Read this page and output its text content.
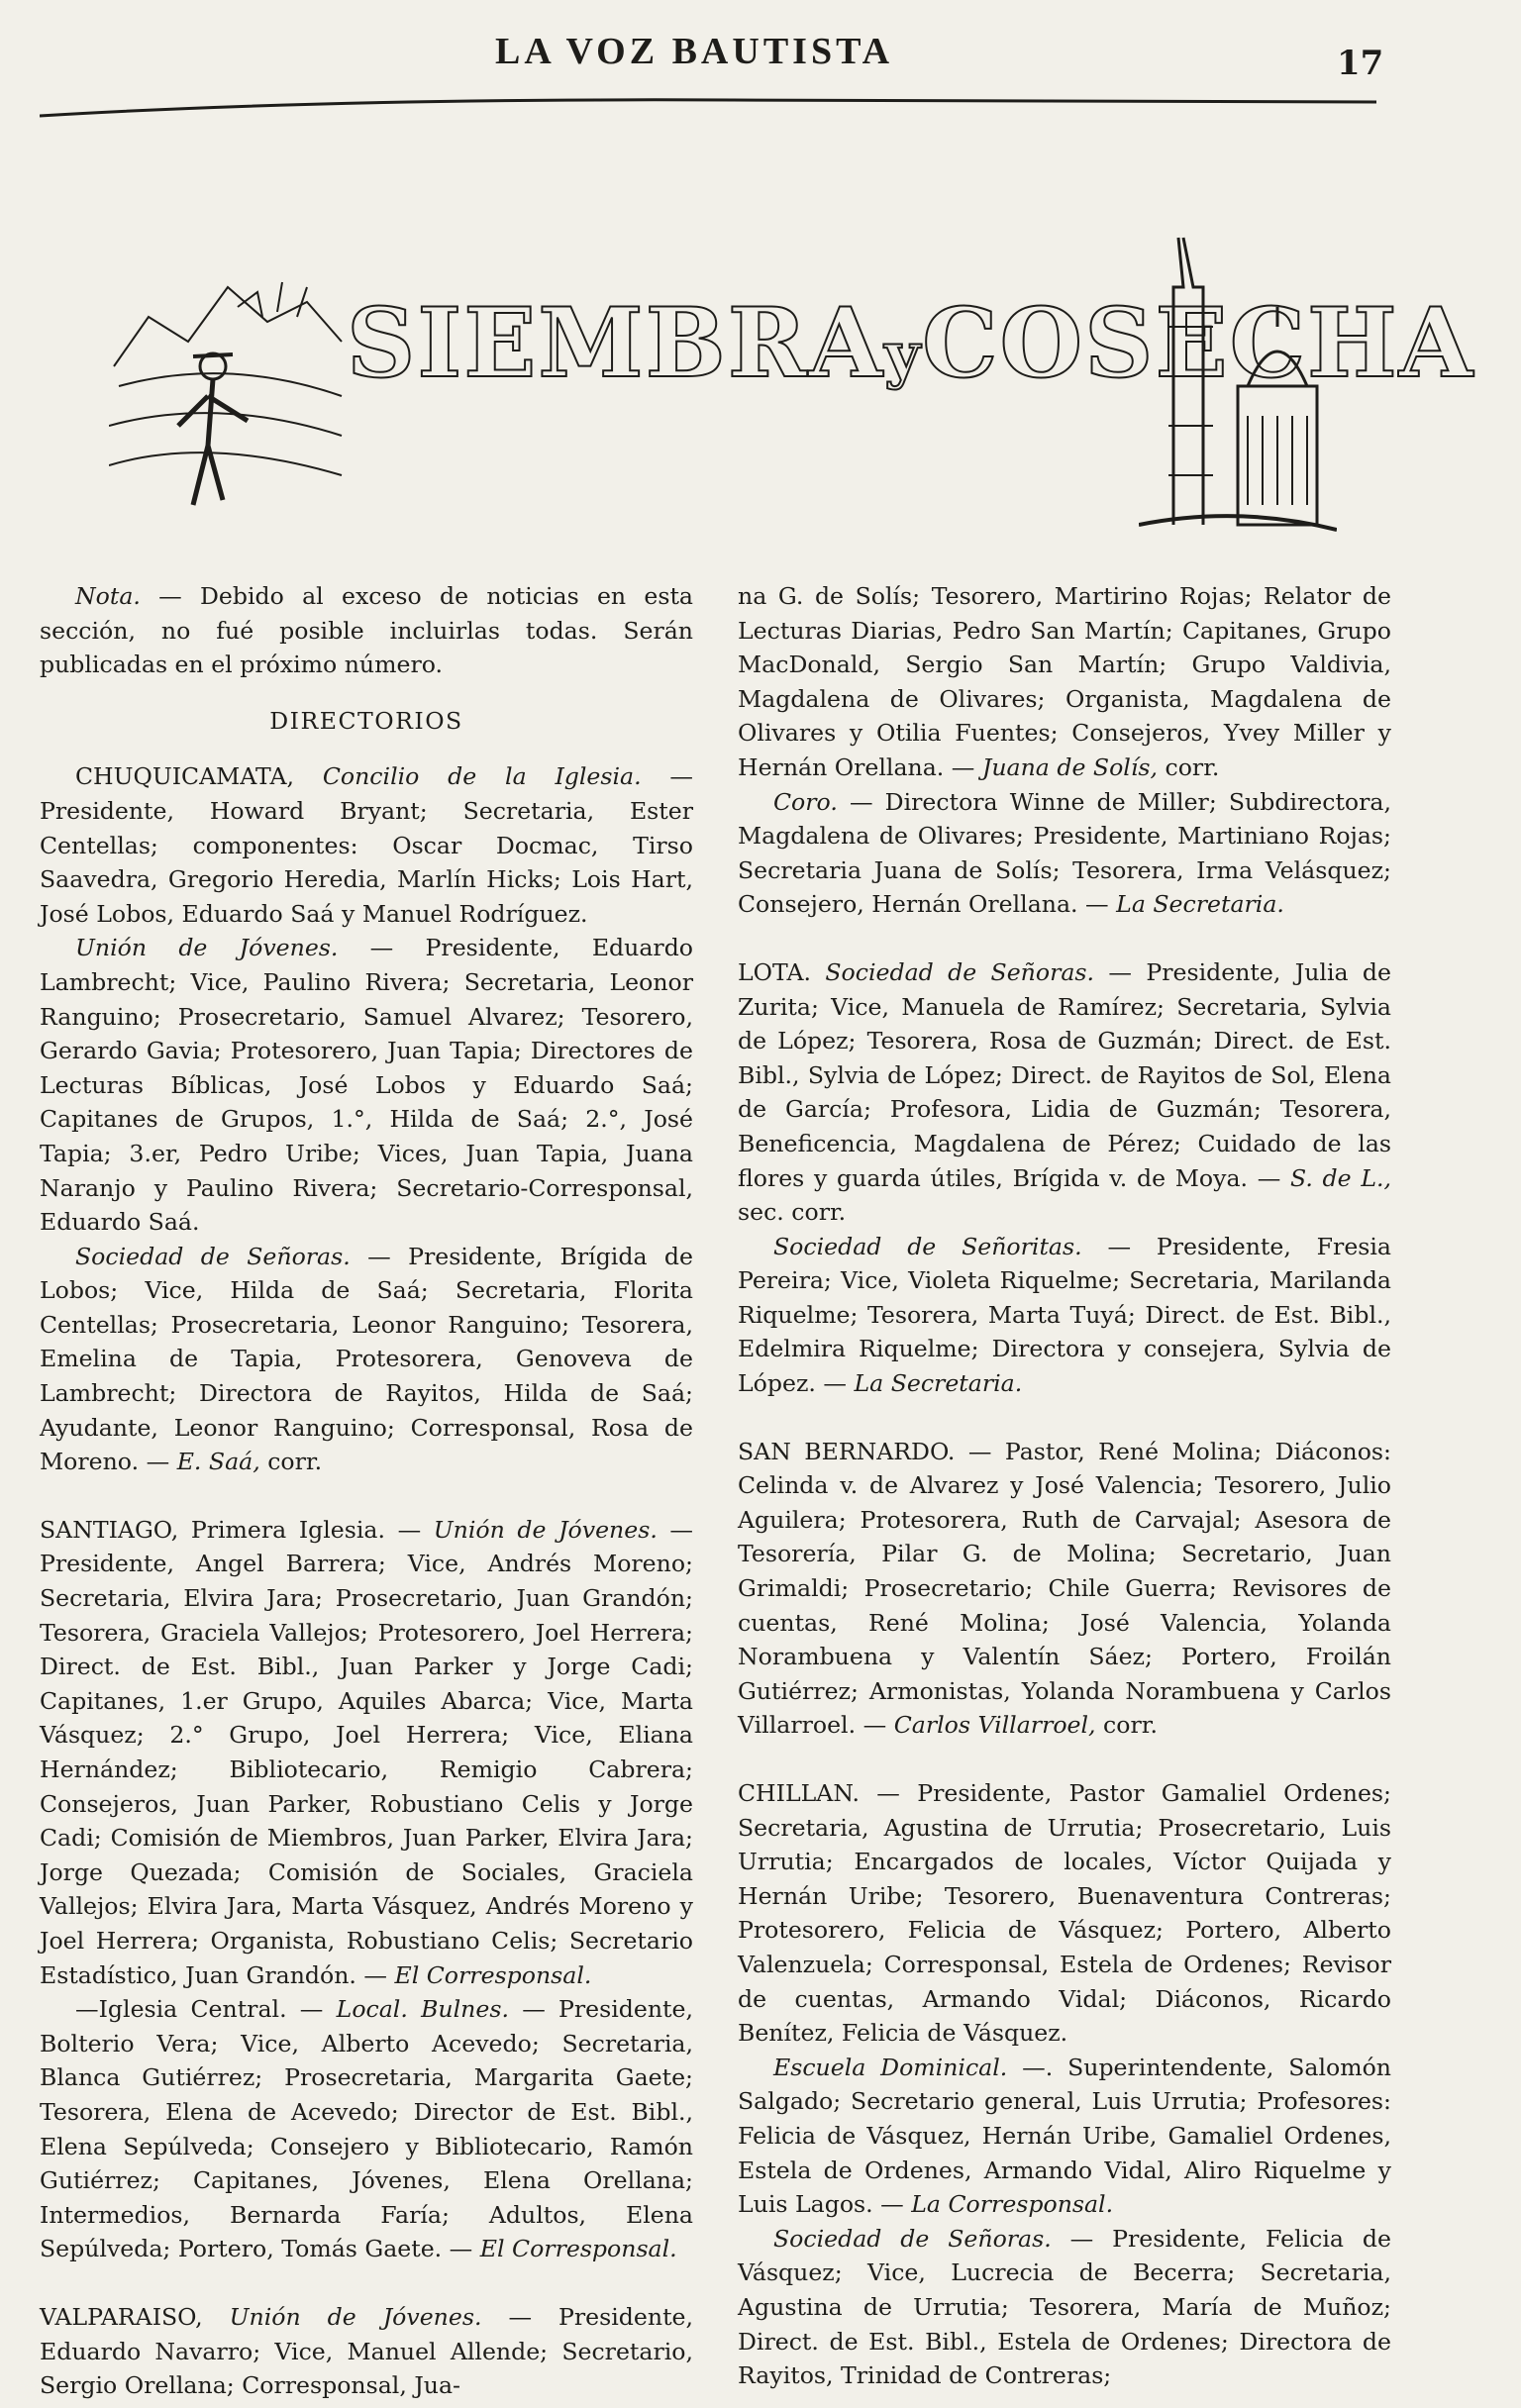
LA VOZ BAUTISTA	17
SIEMBRAyCOSECHA

Nota. — Debido al exceso de noticias en esta sección, no fué posible incluirlas todas. Serán publicadas en el próximo número.

DIRECTORIOS

CHUQUICAMATA, Concilio de la Iglesia. — Presidente, Howard Bryant; Secretaria, Ester Centellas; componentes: Oscar Docmac, Tirso Saavedra, Gregorio Heredia, Marlín Hicks; Lois Hart, José Lobos, Eduardo Saá y Manuel Rodríguez.

Unión de Jóvenes. — Presidente, Eduardo Lambrecht; Vice, Paulino Rivera; Secretaria, Leonor Ranguino; Prosecretario, Samuel Alvarez; Tesorero, Gerardo Gavia; Protesorero, Juan Tapia; Directores de Lecturas Bíblicas, José Lobos y Eduardo Saá; Capitanes de Grupos, 1.°, Hilda de Saá; 2.°, José Tapia; 3.er, Pedro Uribe; Vices, Juan Tapia, Juana Naranjo y Paulino Rivera; Secretario-Corresponsal, Eduardo Saá.

Sociedad de Señoras. — Presidente, Brígida de Lobos; Vice, Hilda de Saá; Secretaria, Florita Centellas; Prosecretaria, Leonor Ranguino; Tesorera, Emelina de Tapia, Protesorera, Genoveva de Lambrecht; Directora de Rayitos, Hilda de Saá; Ayudante, Leonor Ranguino; Corresponsal, Rosa de Moreno. — E. Saá, corr.

SANTIAGO, Primera Iglesia. — Unión de Jóvenes. — Presidente, Angel Barrera; Vice, Andrés Moreno; Secretaria, Elvira Jara; Prosecretario, Juan Grandón; Tesorera, Graciela Vallejos; Protesorero, Joel Herrera; Direct. de Est. Bibl., Juan Parker y Jorge Cadi; Capitanes, 1.er Grupo, Aquiles Abarca; Vice, Marta Vásquez; 2.° Grupo, Joel Herrera; Vice, Eliana Hernández; Bibliotecario, Remigio Cabrera; Consejeros, Juan Parker, Robustiano Celis y Jorge Cadi; Comisión de Miembros, Juan Parker, Elvira Jara; Jorge Quezada; Comisión de Sociales, Graciela Vallejos; Elvira Jara, Marta Vásquez, Andrés Moreno y Joel Herrera; Organista, Robustiano Celis; Secretario Estadístico, Juan Grandón. — El Corresponsal.

—Iglesia Central. — Local. Bulnes. — Presidente, Bolterio Vera; Vice, Alberto Acevedo; Secretaria, Blanca Gutiérrez; Prosecretaria, Margarita Gaete; Tesorera, Elena de Acevedo; Director de Est. Bibl., Elena Sepúlveda; Consejero y Bibliotecario, Ramón Gutiérrez; Capitanes, Jóvenes, Elena Orellana; Intermedios, Bernarda Faría; Adultos, Elena Sepúlveda; Portero, Tomás Gaete. — El Corresponsal.

VALPARAISO, Unión de Jóvenes. — Presidente, Eduardo Navarro; Vice, Manuel Allende; Secretario, Sergio Orellana; Corresponsal, Jua-

na G. de Solís; Tesorero, Martirino Rojas; Relator de Lecturas Diarias, Pedro San Martín; Capitanes, Grupo MacDonald, Sergio San Martín; Grupo Valdivia, Magdalena de Olivares; Organista, Magdalena de Olivares y Otilia Fuentes; Consejeros, Yvey Miller y Hernán Orellana. — Juana de Solís, corr.

Coro. — Directora Winne de Miller; Subdirectora, Magdalena de Olivares; Presidente, Martiniano Rojas; Secretaria Juana de Solís; Tesorera, Irma Velásquez; Consejero, Hernán Orellana. — La Secretaria.

LOTA. Sociedad de Señoras. — Presidente, Julia de Zurita; Vice, Manuela de Ramírez; Secretaria, Sylvia de López; Tesorera, Rosa de Guzmán; Direct. de Est. Bibl., Sylvia de López; Direct. de Rayitos de Sol, Elena de García; Profesora, Lidia de Guzmán; Tesorera, Beneficencia, Magdalena de Pérez; Cuidado de las flores y guarda útiles, Brígida v. de Moya. — S. de L., sec. corr.

Sociedad de Señoritas. — Presidente, Fresia Pereira; Vice, Violeta Riquelme; Secretaria, Marilanda Riquelme; Tesorera, Marta Tuyá; Direct. de Est. Bibl., Edelmira Riquelme; Directora y consejera, Sylvia de López. — La Secretaria.

SAN BERNARDO. — Pastor, René Molina; Diáconos: Celinda v. de Alvarez y José Valencia; Tesorero, Julio Aguilera; Protesorera, Ruth de Carvajal; Asesora de Tesorería, Pilar G. de Molina; Secretario, Juan Grimaldi; Prosecretario; Chile Guerra; Revisores de cuentas, René Molina; José Valencia, Yolanda Norambuena y Valentín Sáez; Portero, Froilán Gutiérrez; Armonistas, Yolanda Norambuena y Carlos Villarroel. — Carlos Villarroel, corr.

CHILLAN. — Presidente, Pastor Gamaliel Ordenes; Secretaria, Agustina de Urrutia; Prosecretario, Luis Urrutia; Encargados de locales, Víctor Quijada y Hernán Uribe; Tesorero, Buenaventura Contreras; Protesorero, Felicia de Vásquez; Portero, Alberto Valenzuela; Corresponsal, Estela de Ordenes; Revisor de cuentas, Armando Vidal; Diáconos, Ricardo Benítez, Felicia de Vásquez.

Escuela Dominical. —. Superintendente, Salomón Salgado; Secretario general, Luis Urrutia; Profesores: Felicia de Vásquez, Hernán Uribe, Gamaliel Ordenes, Estela de Ordenes, Armando Vidal, Aliro Riquelme y Luis Lagos. — La Corresponsal.

Sociedad de Señoras. — Presidente, Felicia de Vásquez; Vice, Lucrecia de Becerra; Secretaria, Agustina de Urrutia; Tesorera, María de Muñoz; Direct. de Est. Bibl., Estela de Ordenes; Directora de Rayitos, Trinidad de Contreras;
